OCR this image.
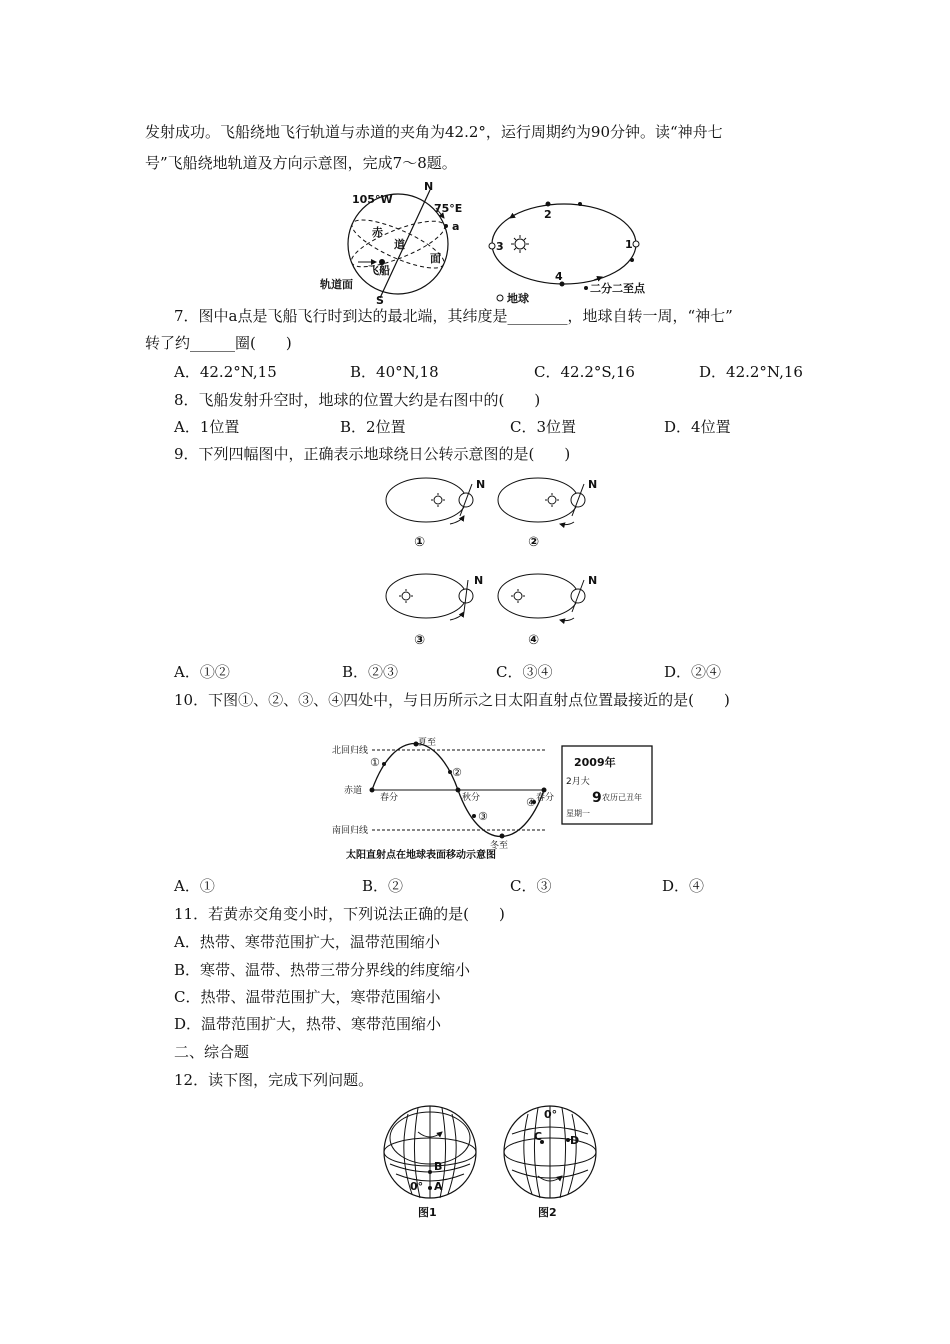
发射成功。飞船绕地飞行轨道与赤道的夹角为42.2°，运行周期约为90分钟。读“神舟七
号”飞船绕地轨道及方向示意图，完成7～8题。
105°W
N
75°E
a
赤
道
面
飞船
轨道面
S
2
1
3
4
地球
二分二至点
7．图中a点是飞船飞行时到达的最北端，其纬度是________，地球自转一周，“神七”
转了约______圈(　　)
A．42.2°N,15	B．40°N,18	C．42.2°S,16	D．42.2°N,16
8．飞船发射升空时，地球的位置大约是右图中的(　　)
A．1位置	B．2位置	C．3位置	D．4位置
9．下列四幅图中，正确表示地球绕日公转示意图的是(　　)
N
①
N
②
N
③
N
④
A．①②	B．②③	C．③④	D．②④
10．下图①、②、③、④四处中，与日历所示之日太阳直射点位置最接近的是(　　)
北回归线
赤道
南回归线
夏至
春分	秋分
冬至
春分
①
②
③
④
2009年
2月大
9 农历己丑年
星期一
太阳直射点在地球表面移动示意图
A．①	B．②	C．③	D．④
11．若黄赤交角变小时，下列说法正确的是(　　)
A．热带、寒带范围扩大，温带范围缩小
B．寒带、温带、热带三带分界线的纬度缩小
C．热带、温带范围扩大，寒带范围缩小
D．温带范围扩大，热带、寒带范围缩小
二、综合题
12．读下图，完成下列问题。
B
0° A
图1
0°
C	D
图2
